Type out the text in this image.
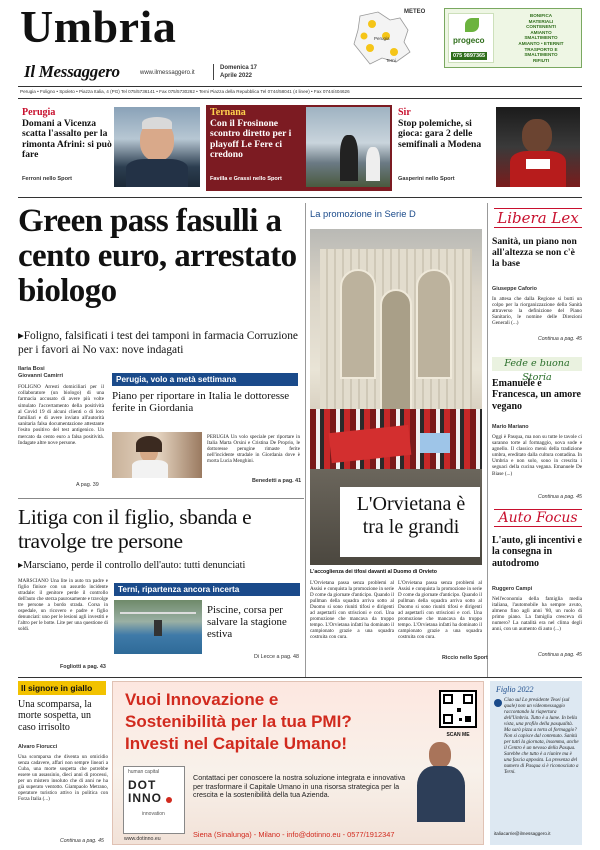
Umbria
Il Messaggero	www.ilmessaggero.it
Domenica 17
Aprile 2022
Perugia
Terni
METEO
progeco
075 9897365
BONIFICA
MATERIALI
CONTENENTI
AMIANTO
SMALTIMENTO
AMIANTO • ETERNIT
TRASPORTO E
SMALTIMENTO
RIFIUTI
Perugia • Foligno • Spoleto • Piazza Italia, 4 (PG) Tel 075/5736141 • Fax 075/5730262 • Terni Piazza della Repubblica Tel 0744/58041 (4 linee) • Fax 0744/404626
Perugia
Domani a Vicenza scatta l'assalto per la rimonta Afrini: si può fare
Ferroni nello Sport
Ternana
Con il Frosinone scontro diretto per i playoff Le Fere ci credono
Favilla e Grassi nello Sport
Sir
Stop polemiche, si gioca: gara 2 delle semifinali a Modena
Gasperini nello Sport
Green pass fasulli a cento euro, arrestato biologo
▸Foligno, falsificati i test dei tamponi in farmacia Corruzione per i favori ai No vax: nove indagati
Ilaria Bosi
Giovanni Camirri
FOLIGNO Arresti domiciliari per il collaboratore (un biologo) di una farmacia accusato di avere più volte simulato l'accertamento della positività al Covid 19 di alcuni clienti o di loro familiari e di avere inviato all'autorità sanitaria falsa documentazione attestante l'esito positivo del test antigenico. Un mercato da cento euro a falsa positività. Indagate altre nove persone.
A pag. 39
Perugia, volo a metà settimana
Piano per riportare in Italia le dottoresse ferite in Giordania
PERUGIA Un volo speciale per riportare in Italia Marta Orsini e Cristina De Proprio, le dottoresse perugine rimaste ferite nell'incidente stradale in Giordania dove è morta Lucia Menghini.
Benedetti a pag. 41
Litiga con il figlio, sbanda e travolge tre persone
▸Marsciano, perde il controllo dell'auto: tutti denunciati
MARSCIANO Una lite in auto tra padre e figlio finisce con un assurdo incidente stradale: il genitore perde il controllo dell'auto che sterza paurosamente e travolge tre persone a bordo strada. Corsa in ospedale, un ricovero e padre e figlio denunciati: uno per le lesioni agli investiti e l'altro per le botte. Lite per una questione di soldi.
Fogliotti a pag. 43
Terni, ripartenza ancora incerta
Piscine, corsa per salvare la stagione estiva
Di Lecce a pag. 48
La promozione in Serie D
L'Orvietana è tra le grandi
L'accoglienza dei tifosi davanti al Duomo di Orvieto
L'Orvietana passa senza problemi al Assisi e conquista la promozione in serie D come da giornate d'anticipo. Quando il pullman della squadra arriva sotto al Duomo si sono riuniti tifosi e dirigenti ad aspettarli con striscioni e cori. Una promozione che mancava da troppo tempo. L'Orvietana infatti ha dominato il campionato grazie a una squadra costruita con cura.
L'Orvietana passa senza problemi al Assisi e conquista la promozione in serie D come da giornate d'anticipo. Quando il pullman della squadra arriva sotto al Duomo si sono riuniti tifosi e dirigenti ad aspettarli con striscioni e cori. Una promozione che mancava da troppo tempo. L'Orvietana infatti ha dominato il campionato grazie a una squadra costruita con cura.
Riccio nello Sport
Libera Lex
Sanità, un piano non all'altezza se non c'è la base
Giuseppe Caforio
In attesa che dalla Regione si butti un colpo per la riorganizzazione della Sanità attraverso la definizione del Piano Sanitario, le nomine delle Direzioni Generali (...)
Continua a pag. 45
Fede e buona Storia
Emanuele e Francesca, un amore vegano
Mario Mariano
Oggi è Pasqua, ma non su tutte le tavole ci saranno torte al formaggio, uova sode e agnello. Il classico menù della tradizione umbra, ereditato dalla cultura contadina. In Umbria e non solo, sono in crescita i seguaci della cucina vegana. Emanuele De Biase (...)
Continua a pag. 45
Auto Focus
L'auto, gli incentivi e la consegna in autodromo
Ruggero Campi
Nell'economia della famiglia media italiana, l'automobile ha sempre avuto, almeno fino agli anni '80, un ruolo di primo piano. La famiglia cresceva di numero? La natalità era nel clima degli anni, con un aumento di auto (...)
Continua a pag. 45
Il signore in giallo
Una scomparsa, la morte sospetta, un caso irrisolto
Alvaro Fiorucci
Una scomparsa che diventa un omicidio senza cadavere, affari non sempre lineari a Cuba, una morte sospetta che potrebbe essere un assassinio, dieci anni di processi, per un mistero insoluto che di anni ne ha già superato ventotto. Giampaolo Metrano, operatore turistico attivo in politica con Forza Italia (...)
Continua a pag. 45
Vuoi Innovazione e
Sostenibilità per la tua PMI?
Investi nel Capitale Umano!	SCAN ME
human capital
DOT INNO
innovation
Contattaci per conoscere la nostra soluzione integrata e innovativa per trasformare il Capitale Umano in una risorsa strategica per la crescita e la sostenibilità della tua Azienda.
Siena (Sinalunga) - Milano - info@dotinno.eu - 0577/1912347
www.dotinno.eu
Figlio 2022
Ciao sul Lo presidente Tesei (sul quale) non un videomessaggio raccontando la riapertura dell'Umbria. Tutto è a lume. In bella vista, una profilo della pasqualità. Ma sarà pizza a torta al formaggio? Non si capisce dal contenuto. Sanità per tutti la giornata, insomma, anche il Centro è un nevoso della Pasqua. Sarebbe che tutto è a riunire ma è una fascia apposita. La presenza del numero di Pasqua si è riconosciuto a Terni.
italiacarrie@ilmessaggero.it
